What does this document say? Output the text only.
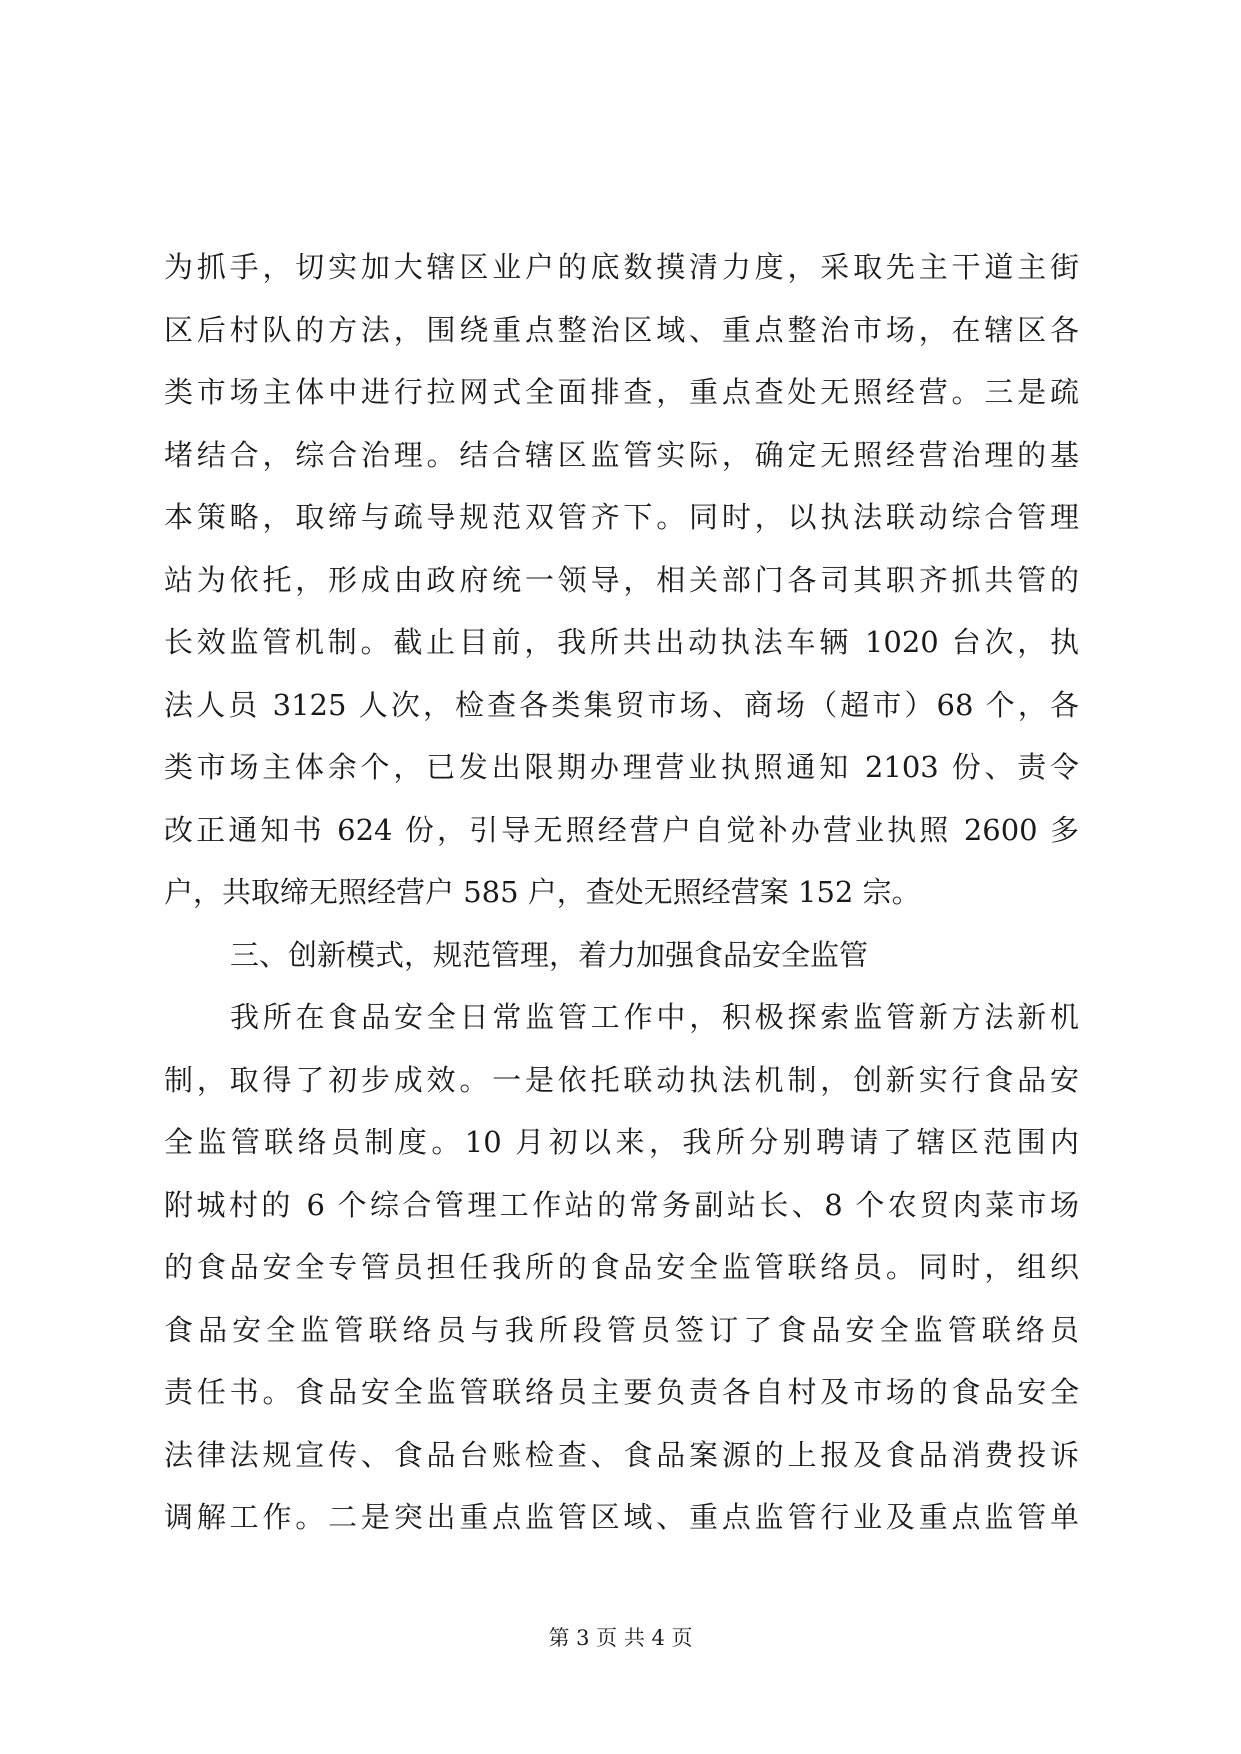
为抓手，切实加大辖区业户的底数摸清力度，采取先主干道主街
区后村队的方法，围绕重点整治区域、重点整治市场，在辖区各
类市场主体中进行拉网式全面排查，重点查处无照经营。三是疏
堵结合，综合治理。结合辖区监管实际，确定无照经营治理的基
本策略，取缔与疏导规范双管齐下。同时，以执法联动综合管理
站为依托，形成由政府统一领导，相关部门各司其职齐抓共管的
长效监管机制。截止目前，我所共出动执法车辆 1020 台次，执
法人员 3125 人次，检查各类集贸市场、商场（超市）68 个，各
类市场主体余个，已发出限期办理营业执照通知 2103 份、责令
改正通知书 624 份，引导无照经营户自觉补办营业执照 2600 多
户，共取缔无照经营户 585 户，查处无照经营案 152 宗。
三、创新模式，规范管理，着力加强食品安全监管
我所在食品安全日常监管工作中，积极探索监管新方法新机
制，取得了初步成效。一是依托联动执法机制，创新实行食品安
全监管联络员制度。10 月初以来，我所分别聘请了辖区范围内
附城村的 6 个综合管理工作站的常务副站长、8 个农贸肉菜市场
的食品安全专管员担任我所的食品安全监管联络员。同时，组织
食品安全监管联络员与我所段管员签订了食品安全监管联络员
责任书。食品安全监管联络员主要负责各自村及市场的食品安全
法律法规宣传、食品台账检查、食品案源的上报及食品消费投诉
调解工作。二是突出重点监管区域、重点监管行业及重点监管单
第 3 页 共 4 页
